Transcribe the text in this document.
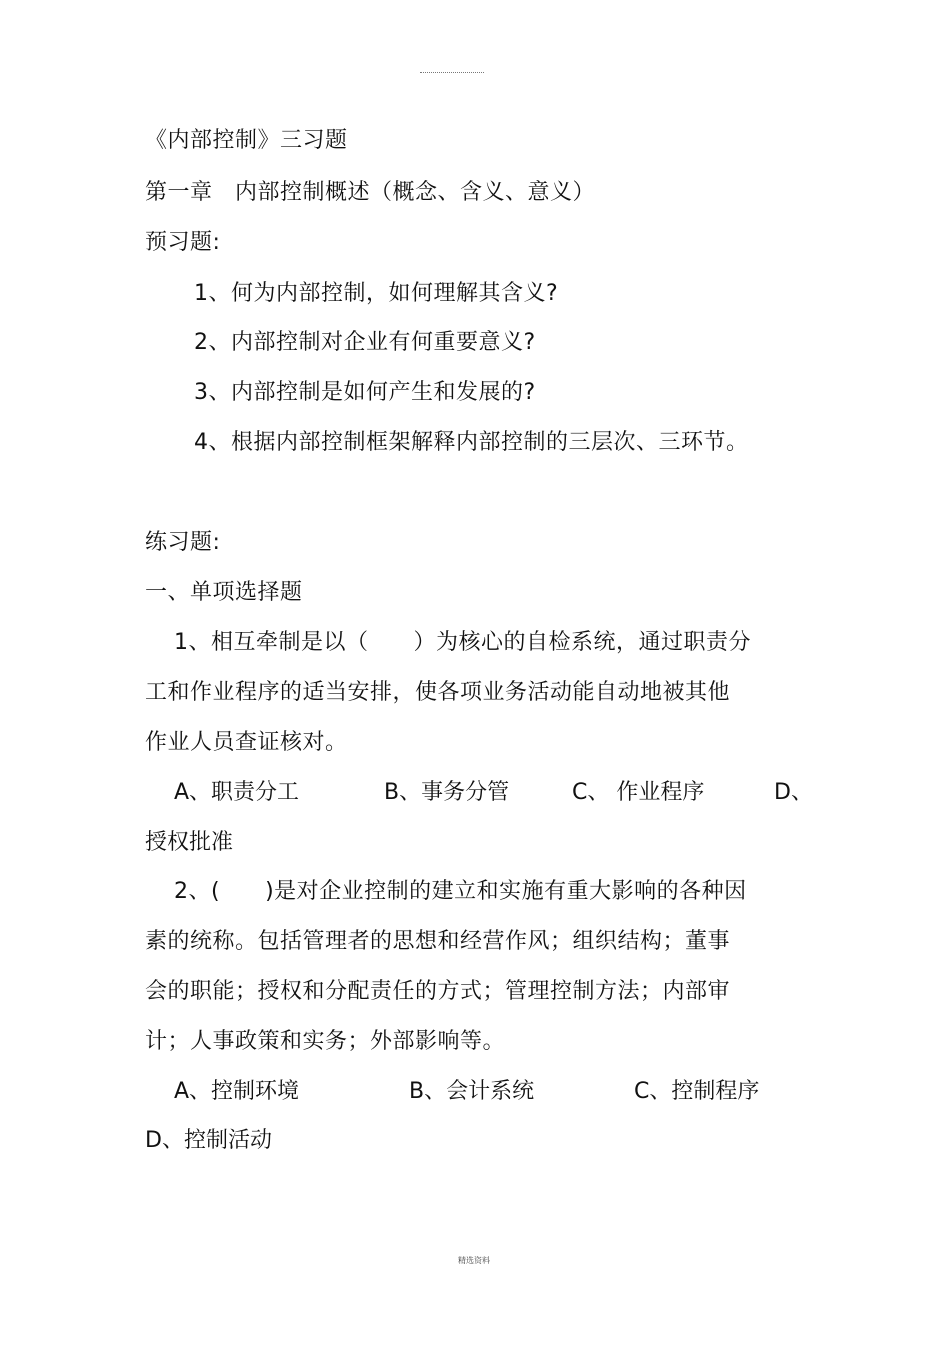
《内部控制》三习题
第一章　内部控制概述（概念、含义、意义）
预习题:
1、何为内部控制，如何理解其含义?
2、内部控制对企业有何重要意义?
3、内部控制是如何产生和发展的?
4、根据内部控制框架解释内部控制的三层次、三环节。
练习题:
一、单项选择题
1、相互牵制是以（　　）为核心的自检系统，通过职责分
工和作业程序的适当安排，使各项业务活动能自动地被其他
作业人员查证核对。
A、职责分工	B、事务分管	C、 作业程序	D、
授权批准
2、(　　)是对企业控制的建立和实施有重大影响的各种因
素的统称。包括管理者的思想和经营作风；组织结构；董事
会的职能；授权和分配责任的方式；管理控制方法；内部审
计；人事政策和实务；外部影响等。
A、控制环境	B、会计系统	C、控制程序
D、控制活动
精选资料
